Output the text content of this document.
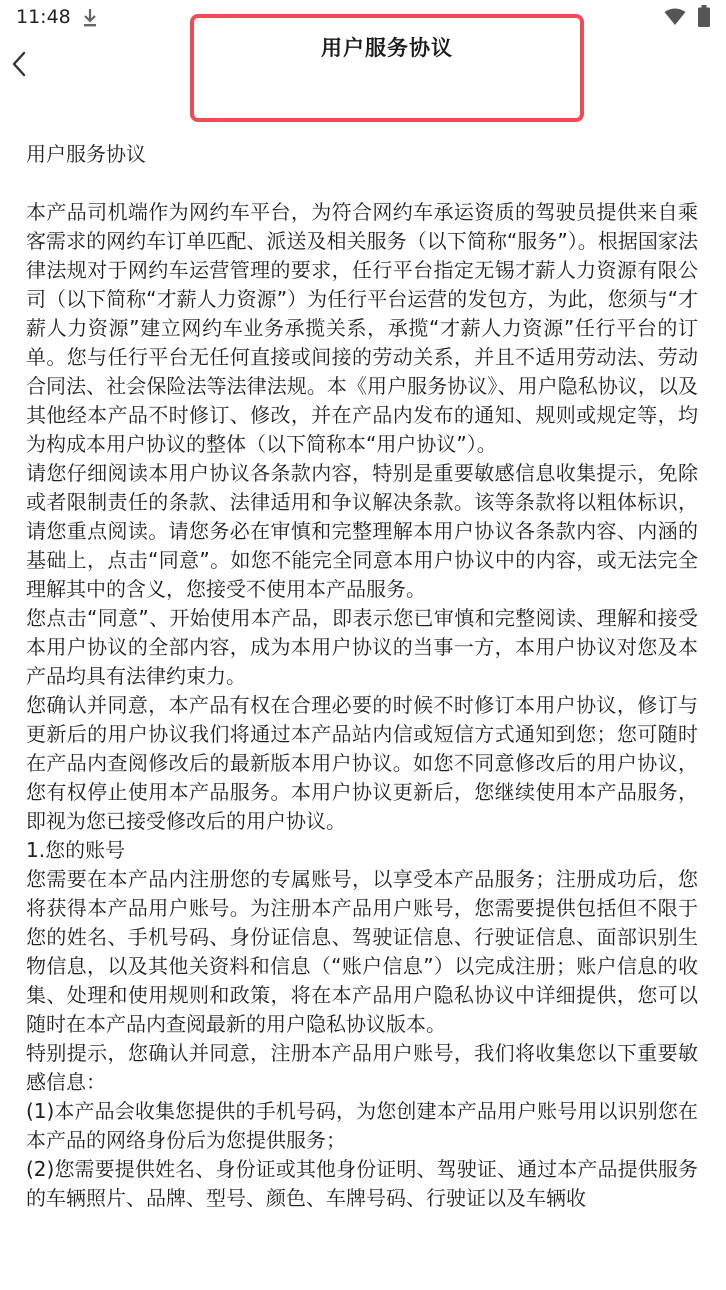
11:48
用户服务协议

用户服务协议

本产品司机端作为网约车平台，为符合网约车承运资质的驾驶员提供来自乘客需求的网约车订单匹配、派送及相关服务（以下简称“服务”）。根据国家法律法规对于网约车运营管理的要求，任行平台指定无锡才薪人力资源有限公司（以下简称“才薪人力资源”）为任行平台运营的发包方，为此，您须与“才薪人力资源”建立网约车业务承揽关系，承揽“才薪人力资源”任行平台的订单。您与任行平台无任何直接或间接的劳动关系，并且不适用劳动法、劳动合同法、社会保险法等法律法规。本《用户服务协议》、用户隐私协议，以及其他经本产品不时修订、修改，并在产品内发布的通知、规则或规定等，均为构成本用户协议的整体（以下简称本“用户协议”）。

请您仔细阅读本用户协议各条款内容，特别是重要敏感信息收集提示，免除或者限制责任的条款、法律适用和争议解决条款。该等条款将以粗体标识，请您重点阅读。请您务必在审慎和完整理解本用户协议各条款内容、内涵的基础上，点击“同意”。如您不能完全同意本用户协议中的内容，或无法完全理解其中的含义，您接受不使用本产品服务。

您点击“同意”、开始使用本产品，即表示您已审慎和完整阅读、理解和接受本用户协议的全部内容，成为本用户协议的当事一方，本用户协议对您及本产品均具有法律约束力。

您确认并同意，本产品有权在合理必要的时候不时修订本用户协议，修订与更新后的用户协议我们将通过本产品站内信或短信方式通知到您；您可随时在产品内查阅修改后的最新版本用户协议。如您不同意修改后的用户协议，您有权停止使用本产品服务。本用户协议更新后，您继续使用本产品服务，即视为您已接受修改后的用户协议。

1.您的账号

您需要在本产品内注册您的专属账号，以享受本产品服务；注册成功后，您将获得本产品用户账号。为注册本产品用户账号，您需要提供包括但不限于您的姓名、手机号码、身份证信息、驾驶证信息、行驶证信息、面部识别生物信息，以及其他关资料和信息（“账户信息”）以完成注册；账户信息的收集、处理和使用规则和政策，将在本产品用户隐私协议中详细提供，您可以随时在本产品内查阅最新的用户隐私协议版本。

特别提示，您确认并同意，注册本产品用户账号，我们将收集您以下重要敏感信息：

(1)本产品会收集您提供的手机号码，为您创建本产品用户账号用以识别您在本产品的网络身份后为您提供服务；

(2)您需要提供姓名、身份证或其他身份证明、驾驶证、通过本产品提供服务的车辆照片、品牌、型号、颜色、车牌号码、行驶证以及车辆收
